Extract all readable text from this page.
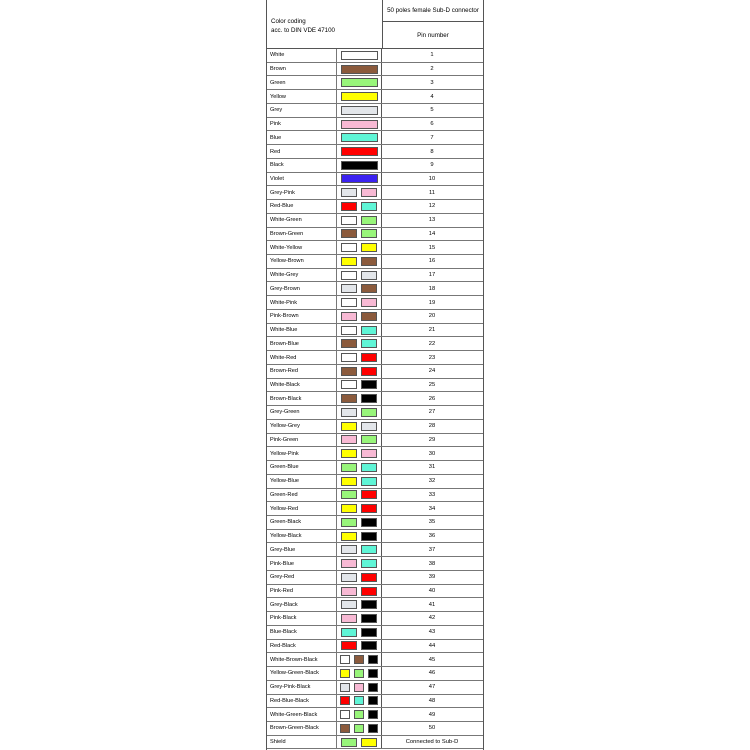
Color coding
acc. to DIN VDE 47100
50 poles female Sub-D connector
Pin number
White	1
Brown	2
Green	3
Yellow	4
Grey	5
Pink	6
Blue	7
Red	8
Black	9
Violet	10
Grey-Pink	11
Red-Blue	12
White-Green	13
Brown-Green	14
White-Yellow	15
Yellow-Brown	16
White-Grey	17
Grey-Brown	18
White-Pink	19
Pink-Brown	20
White-Blue	21
Brown-Blue	22
White-Red	23
Brown-Red	24
White-Black	25
Brown-Black	26
Grey-Green	27
Yellow-Grey	28
Pink-Green	29
Yellow-Pink	30
Green-Blue	31
Yellow-Blue	32
Green-Red	33
Yellow-Red	34
Green-Black	35
Yellow-Black	36
Grey-Blue	37
Pink-Blue	38
Grey-Red	39
Pink-Red	40
Grey-Black	41
Pink-Black	42
Blue-Black	43
Red-Black	44
White-Brown-Black	45
Yellow-Green-Black	46
Grey-Pink-Black	47
Red-Blue-Black	48
White-Green-Black	49
Brown-Green-Black	50
Shield	Connected to Sub-D
